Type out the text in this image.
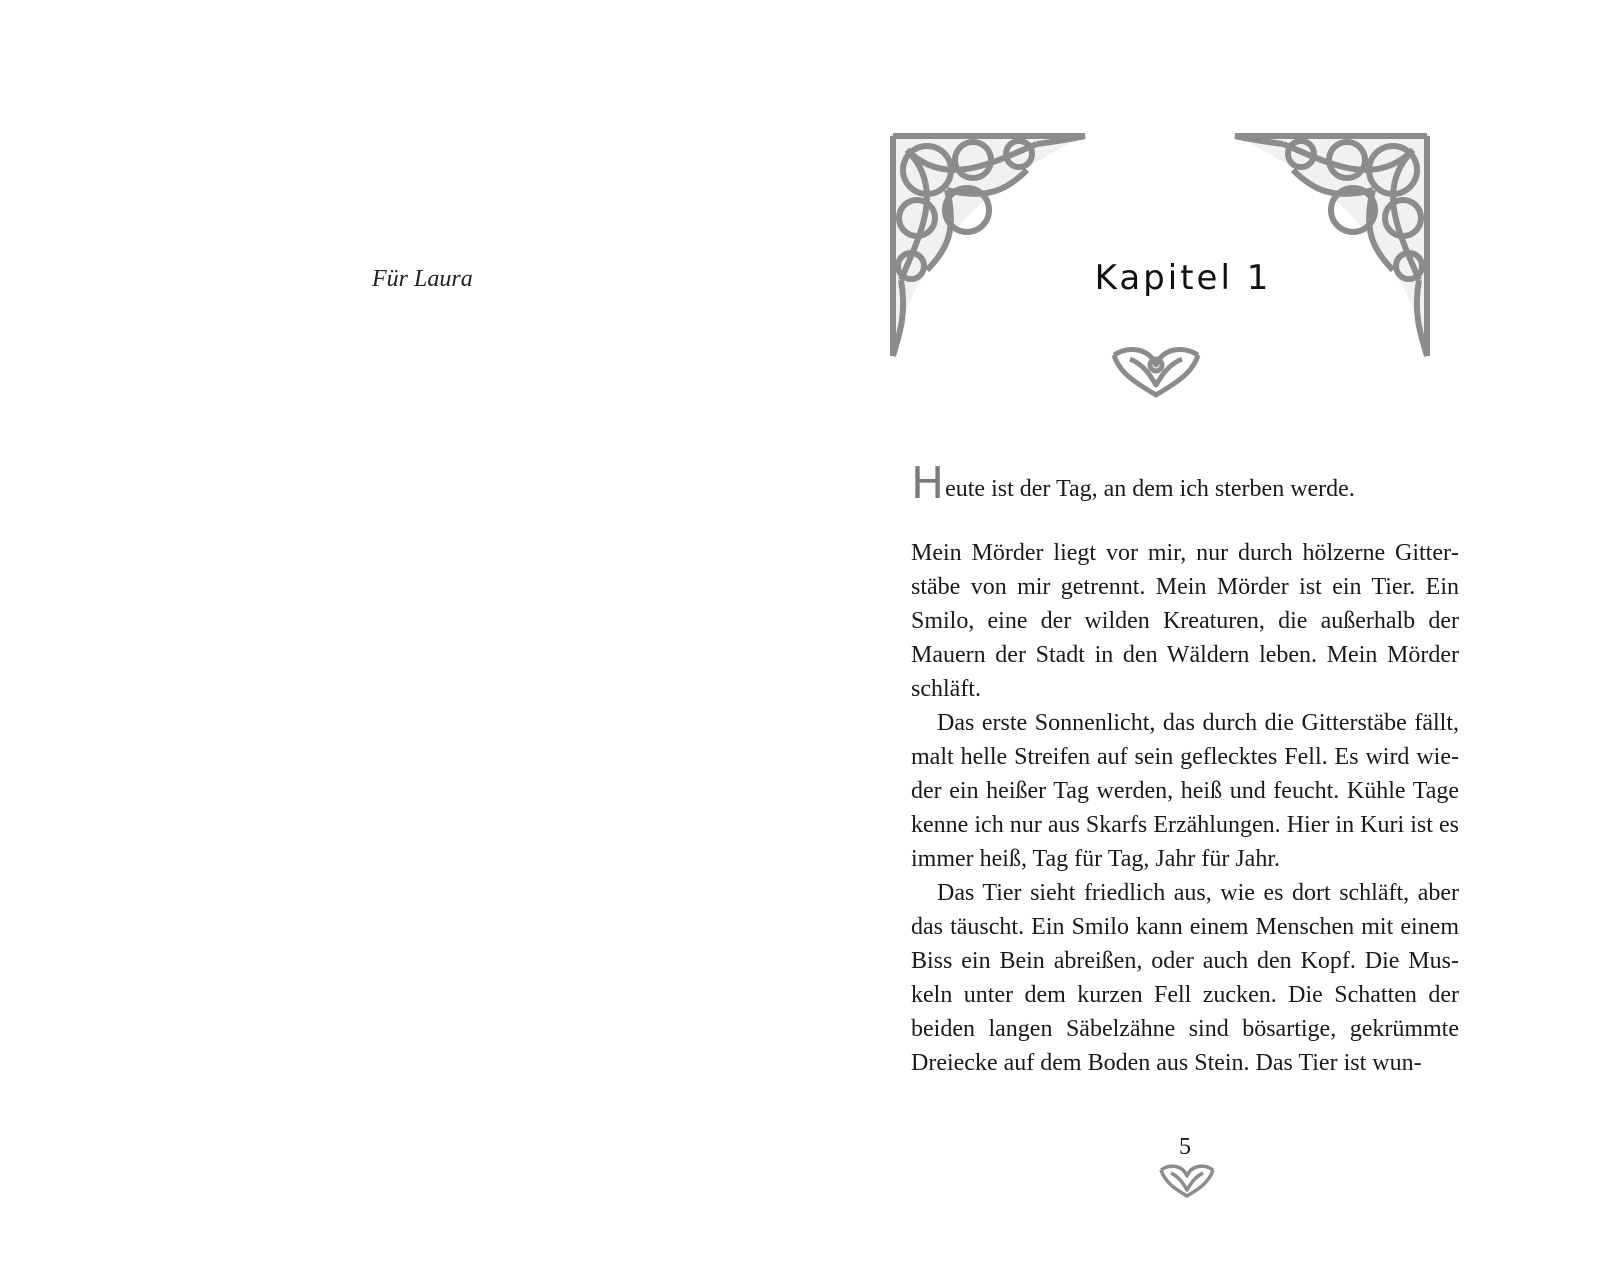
Für Laura	Kapitel 1

Heute ist der Tag, an dem ich sterben werde.

Mein Mörder liegt vor mir, nur durch hölzerne Gitterstäbe von mir getrennt. Mein Mörder ist ein Tier. Ein Smilo, eine der wilden Kreaturen, die außerhalb der Mauern der Stadt in den Wäldern leben. Mein Mörder schläft.

Das erste Sonnenlicht, das durch die Gitterstäbe fällt, malt helle Streifen auf sein geflecktes Fell. Es wird wieder ein heißer Tag werden, heiß und feucht. Kühle Tage kenne ich nur aus Skarfs Erzählungen. Hier in Kuri ist es immer heiß, Tag für Tag, Jahr für Jahr.

Das Tier sieht friedlich aus, wie es dort schläft, aber das täuscht. Ein Smilo kann einem Menschen mit einem Biss ein Bein abreißen, oder auch den Kopf. Die Muskeln unter dem kurzen Fell zucken. Die Schatten der beiden langen Säbelzähne sind bösartige, gekrümmte Dreiecke auf dem Boden aus Stein. Das Tier ist wun-

5
